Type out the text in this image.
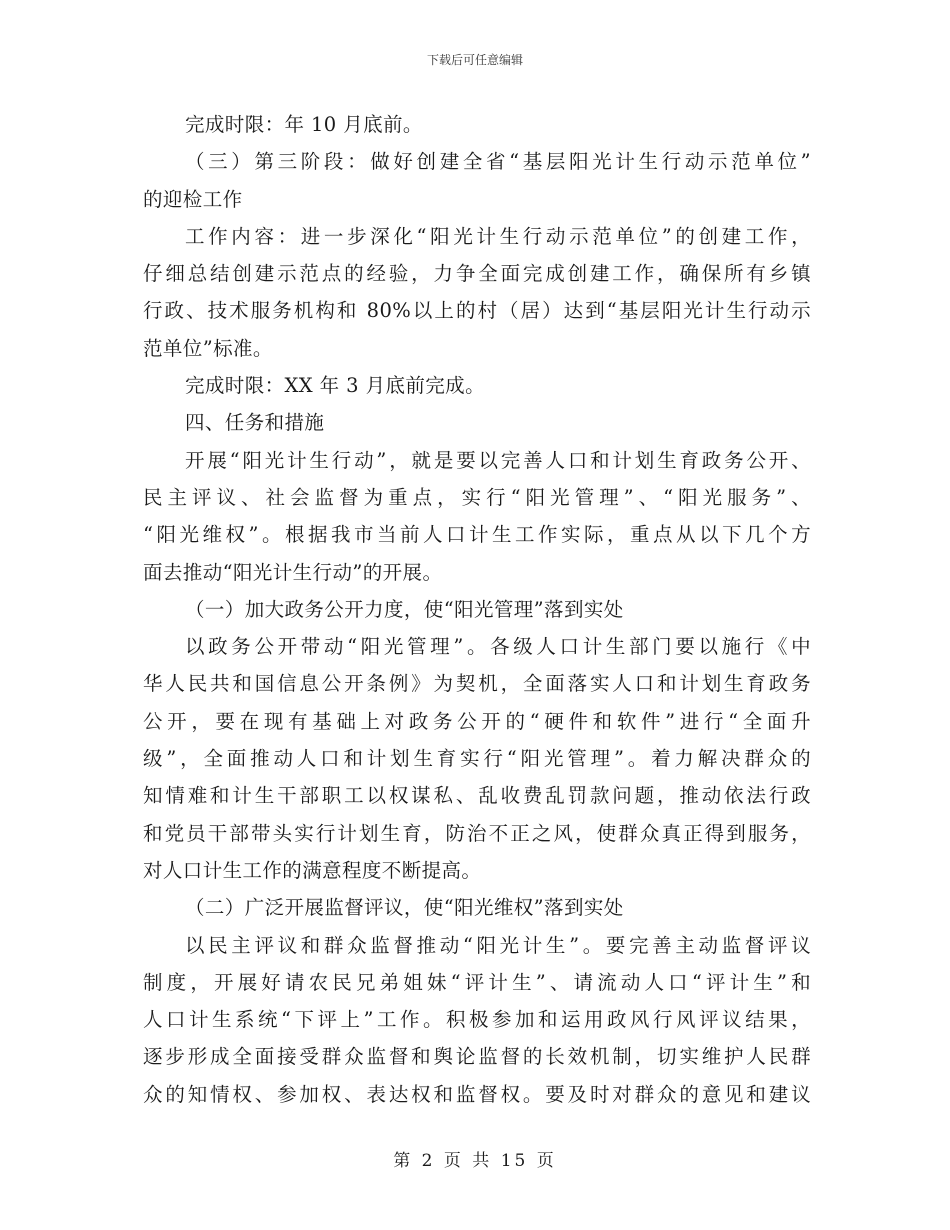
下载后可任意编辑
完成时限：年 10 月底前。
（三）第三阶段：做好创建全省“基层阳光计生行动示范单位”
的迎检工作
工作内容：进一步深化“阳光计生行动示范单位”的创建工作，
仔细总结创建示范点的经验，力争全面完成创建工作，确保所有乡镇
行政、技术服务机构和 80%以上的村（居）达到“基层阳光计生行动示
范单位”标准。
完成时限：XX 年 3 月底前完成。
四、任务和措施
开展“阳光计生行动”，就是要以完善人口和计划生育政务公开、
民主评议、社会监督为重点，实行“阳光管理”、“阳光服务”、
“阳光维权”。根据我市当前人口计生工作实际，重点从以下几个方
面去推动“阳光计生行动”的开展。
（一）加大政务公开力度，使“阳光管理”落到实处
以政务公开带动“阳光管理”。各级人口计生部门要以施行《中
华人民共和国信息公开条例》为契机，全面落实人口和计划生育政务
公开，要在现有基础上对政务公开的“硬件和软件”进行“全面升
级”，全面推动人口和计划生育实行“阳光管理”。着力解决群众的
知情难和计生干部职工以权谋私、乱收费乱罚款问题，推动依法行政
和党员干部带头实行计划生育，防治不正之风，使群众真正得到服务，
对人口计生工作的满意程度不断提高。
（二）广泛开展监督评议，使“阳光维权”落到实处
以民主评议和群众监督推动“阳光计生”。要完善主动监督评议
制度，开展好请农民兄弟姐妹“评计生”、请流动人口“评计生”和
人口计生系统“下评上”工作。积极参加和运用政风行风评议结果，
逐步形成全面接受群众监督和舆论监督的长效机制，切实维护人民群
众的知情权、参加权、表达权和监督权。要及时对群众的意见和建议
第 2 页 共 15 页
